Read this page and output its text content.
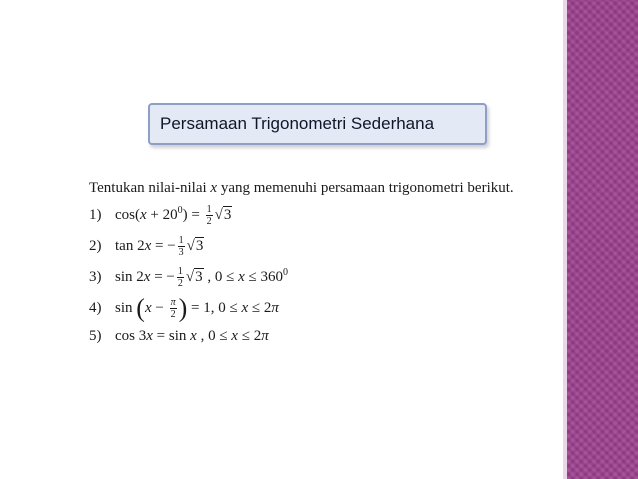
Persamaan Trigonometri Sederhana
Tentukan nilai-nilai x yang memenuhi persamaan trigonometri berikut.
1) $\cos(x + 20^0) = \frac{1}{2} √3$
2) tan 2x = − $\frac{1}{3} √3$
3) sin 2x = − $\frac{1}{2} √3$ , $0 \le x \le 360^0$
4) $\sin (x - \frac{\pi}{2}$ ) = 1, 0 ≤ x ≤ 2π
5) cos 3x = sin x , 0 ≤ x ≤ 2π
